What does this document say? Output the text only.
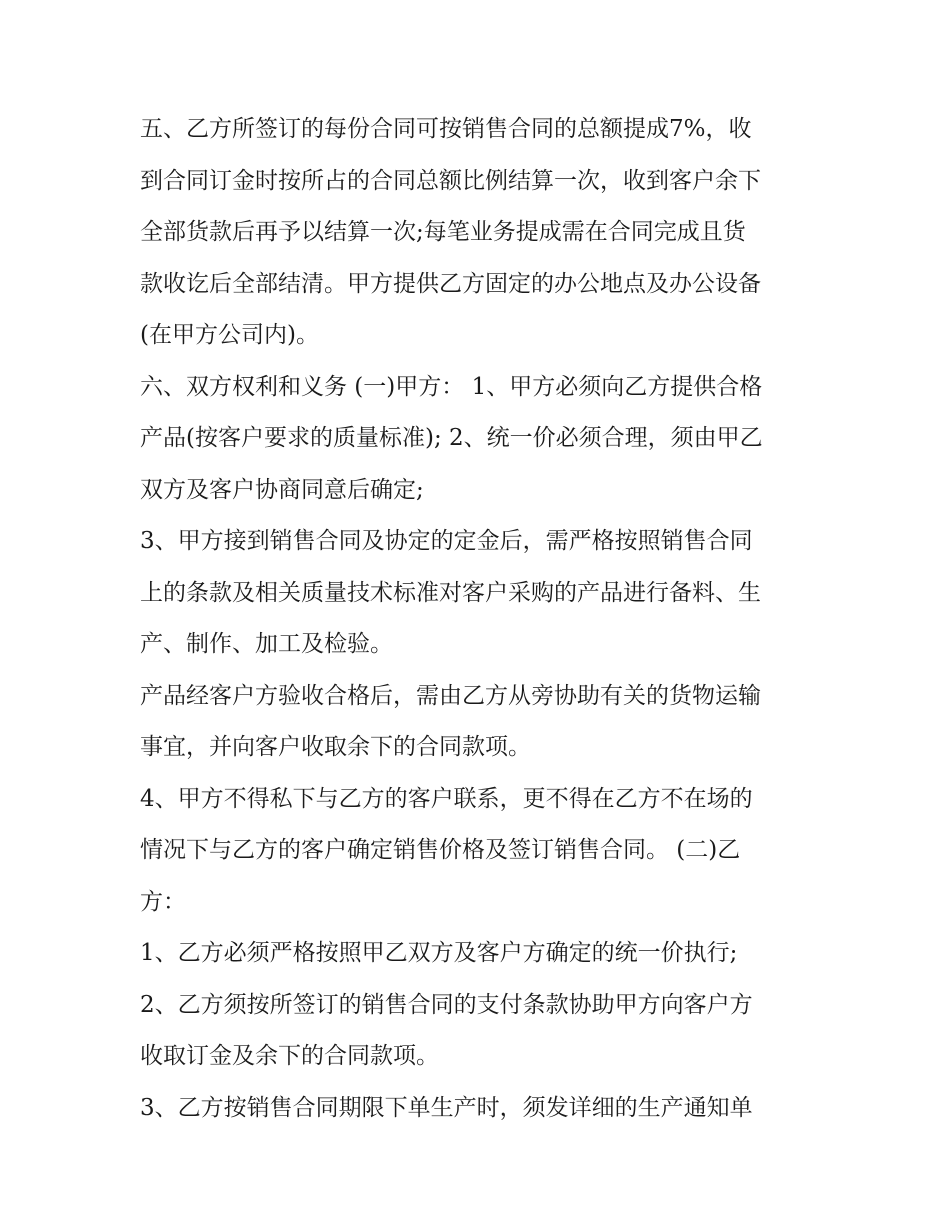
五、乙方所签订的每份合同可按销售合同的总额提成7%，收
到合同订金时按所占的合同总额比例结算一次，收到客户余下
全部货款后再予以结算一次;每笔业务提成需在合同完成且货
款收讫后全部结清。甲方提供乙方固定的办公地点及办公设备
(在甲方公司内)。

六、双方权利和义务 (一)甲方： 1、甲方必须向乙方提供合格
产品(按客户要求的质量标准); 2、统一价必须合理，须由甲乙
双方及客户协商同意后确定;

3、甲方接到销售合同及协定的定金后，需严格按照销售合同
上的条款及相关质量技术标准对客户采购的产品进行备料、生
产、制作、加工及检验。

产品经客户方验收合格后，需由乙方从旁协助有关的货物运输
事宜，并向客户收取余下的合同款项。

4、甲方不得私下与乙方的客户联系，更不得在乙方不在场的
情况下与乙方的客户确定销售价格及签订销售合同。 (二)乙
方：

1、乙方必须严格按照甲乙双方及客户方确定的统一价执行;

2、乙方须按所签订的销售合同的支付条款协助甲方向客户方
收取订金及余下的合同款项。

3、乙方按销售合同期限下单生产时，须发详细的生产通知单
